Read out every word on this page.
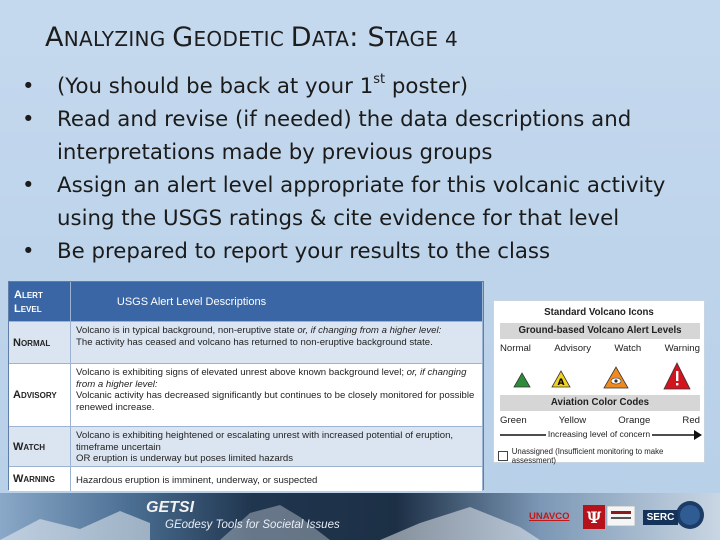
ANALYZING GEODETIC DATA: STAGE 4
•	(You should be back at your 1st poster)
•	Read and revise (if needed) the data descriptions and
interpretations made by previous groups
•	Assign an alert level appropriate for this volcanic activity
using the USGS ratings & cite evidence for that level
•	Be prepared to report your results to the class
Alert
Level
USGS Alert Level Descriptions
Normal
Volcano is in typical background, non-eruptive state or, if changing from a higher level:
The activity has ceased and volcano has returned to non-eruptive background state.
Advisory
Volcano is exhibiting signs of elevated unrest above known background level; or, if changing from a higher level:
Volcanic activity has decreased significantly but continues to be closely monitored for possible renewed increase.
Watch
Volcano is exhibiting heightened or escalating unrest with increased potential of eruption, timeframe uncertain
OR eruption is underway but poses limited hazards
Warning Hazardous eruption is imminent, underway, or suspected
Standard Volcano Icons
Ground-based Volcano Alert Levels
Normal Advisory Watch Warning
A
Aviation Color Codes
Green	Yellow	Orange	Red
Increasing level of concern
Unassigned (Insufficient monitoring to make assessment)
GETSI
GEodesy Tools for Societal Issues
UNAVCO Ψ	SERC
